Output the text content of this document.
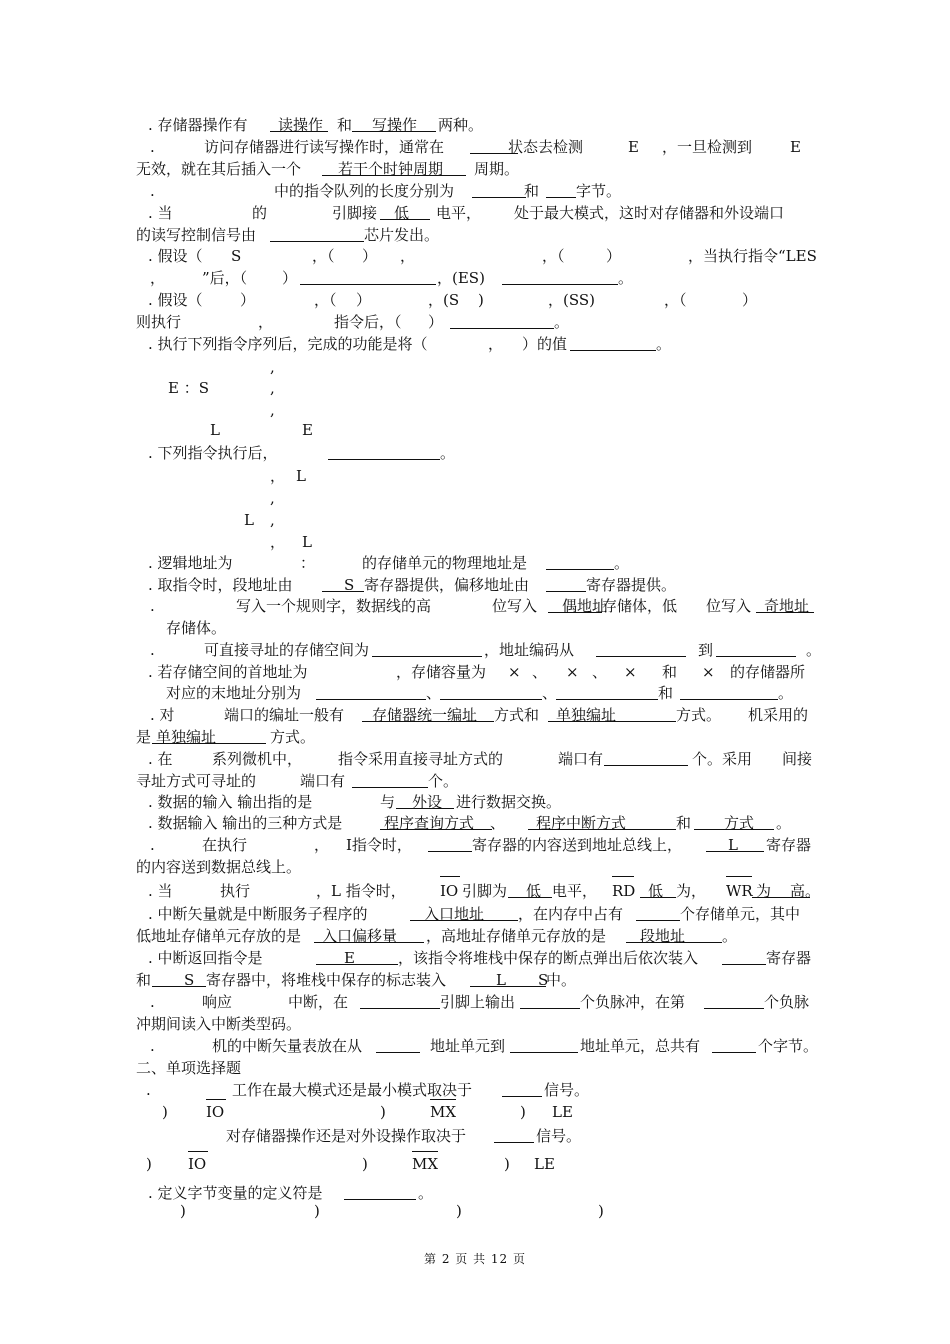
. 存储器操作有 读操作 和 写操作 两种。
.	访问存储器进行读写操作时，通常在	状态去检测	E ，一旦检测到	E
无效，就在其后插入一个 若干个时钟周期 周期。
.	中的指令队列的长度分别为	和 字节。
. 当	的	引脚接 低 电平， 处于最大模式，这时对存储器和外设端口
的读写控制信号由	芯片发出。
. 假设（ S	，（ ） ，	，（	）	，当执行指令“LES
， ”后，（ ）	，(ES)	。
. 假设（ ）	，（ ）	，(S )	，(SS)	，（	）
则执行	，	指令后，（ ）	。
. 执行下列指令序列后，完成的功能是将（	， ）的值	。
,
E ：S	,
,
L	E
. 下列指令执行后，	。
， L
,
L ,
， L
. 逻辑地址为	：	的存储单元的物理地址是	。
. 取指令时，段地址由	S 寄存器提供，偏移地址由	寄存器提供。
.	写入一个规则字，数据线的高	位写入 偶地址
存储体，低 位写入 奇地址
存储体。
.	可直接寻址的存储空间为	，地址编码从	到	。
. 若存储空间的首地址为	，存储容量为 × 、 × 、 × 和 × 的存储器所
对应的末地址分别为	、	、	和	。
. 对	端口的编址一般有 存储器统一编址 方式和 单独编址	方式。 机采用的
是 单独编址	方式。
. 在	系列微机中， 指令采用直接寻址方式的	端口有	个。采用 间接
寻址方式可寻址的	端口有	个。
. 数据的输入 输出指的是	与 外设 进行数据交换。
. 数据输入 输出的三种方式是	程序查询方式 、 程序中断方式	和 方式 。
.	在执行	， I指令时，	寄存器的内容送到地址总线上，	L 寄存器
的内容送到数据总线上。
. 当	执行	，L 指令时， IO 引脚为 低 电平， RD 低 为， WR 为 高。
. 中断矢量就是中断服务子程序的	入口地址 ，在内存中占有	个存储单元，其中
低地址存储单元存放的是 入口偏移量 ，高地址存储单元存放的是 段地址 。
. 中断返回指令是	E	，该指令将堆栈中保存的断点弹出后依次装入	寄存器
和 S 寄存器中，将堆栈中保存的标志装入	L S
中。
.	响应	中断，在	引脚上输出	个负脉冲，在第	个负脉
冲期间读入中断类型码。
.	机的中断矢量表放在从	地址单元到	地址单元，总共有	个字节。
二、单项选择题
.	工作在最大模式还是最小模式取决于	信号。
)	IO	)	MX	) LE
对存储器操作还是对外设操作取决于	信号。
) IO	)	MX	) LE
. 定义字节变量的定义符是	。
)	)	)	)
第 2 页 共 12 页
